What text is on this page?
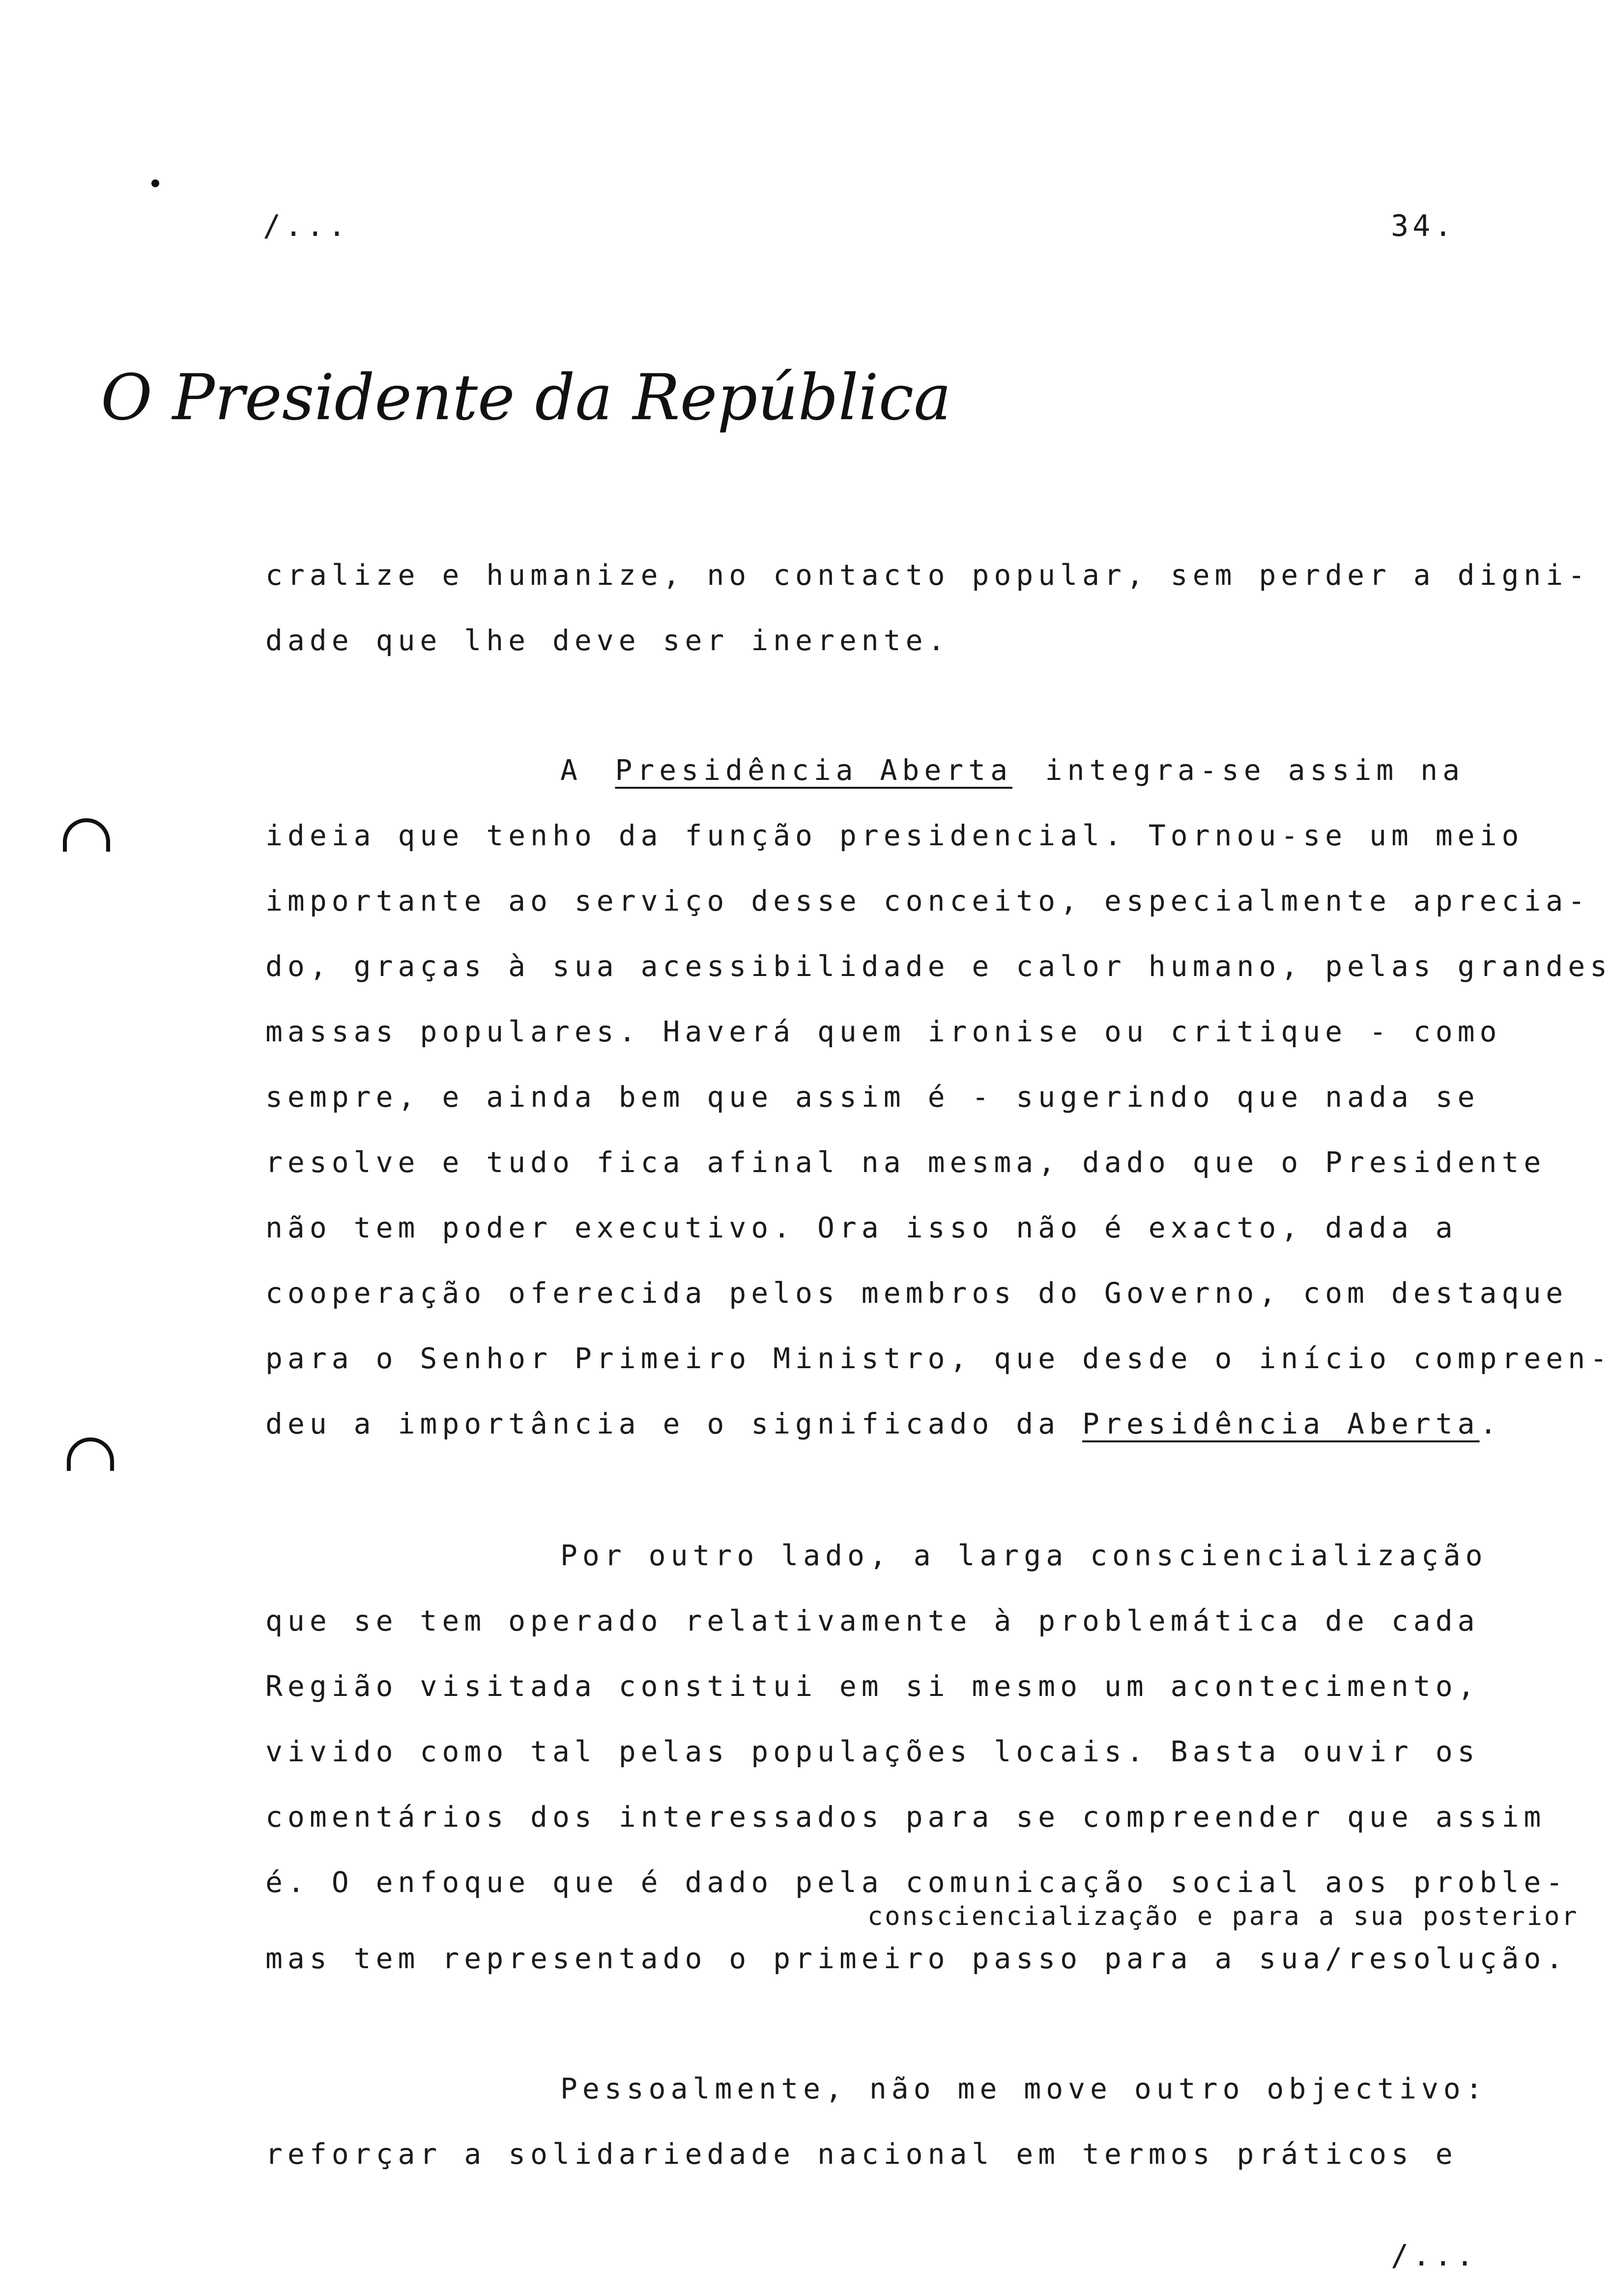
/...	34.
O Presidente da República
cralize e humanize, no contacto popular, sem perder a digni-
dade que lhe deve ser inerente.
A Presidência Aberta integra-se assim na
ideia que tenho da função presidencial. Tornou-se um meio
importante ao serviço desse conceito, especialmente aprecia-
do, graças à sua acessibilidade e calor humano, pelas grandes
massas populares. Haverá quem ironise ou critique - como
sempre, e ainda bem que assim é - sugerindo que nada se
resolve e tudo fica afinal na mesma, dado que o Presidente
não tem poder executivo. Ora isso não é exacto, dada a
cooperação oferecida pelos membros do Governo, com destaque
para o Senhor Primeiro Ministro, que desde o início compreen-
deu a importância e o significado da Presidência Aberta.
Por outro lado, a larga consciencialização
que se tem operado relativamente à problemática de cada
Região visitada constitui em si mesmo um acontecimento,
vivido como tal pelas populações locais. Basta ouvir os
comentários dos interessados para se compreender que assim
é. O enfoque que é dado pela comunicação social aos proble-
consciencialização e para a sua posterior
mas tem representado o primeiro passo para a sua/resolução.
Pessoalmente, não me move outro objectivo:
reforçar a solidariedade nacional em termos práticos e
/...
